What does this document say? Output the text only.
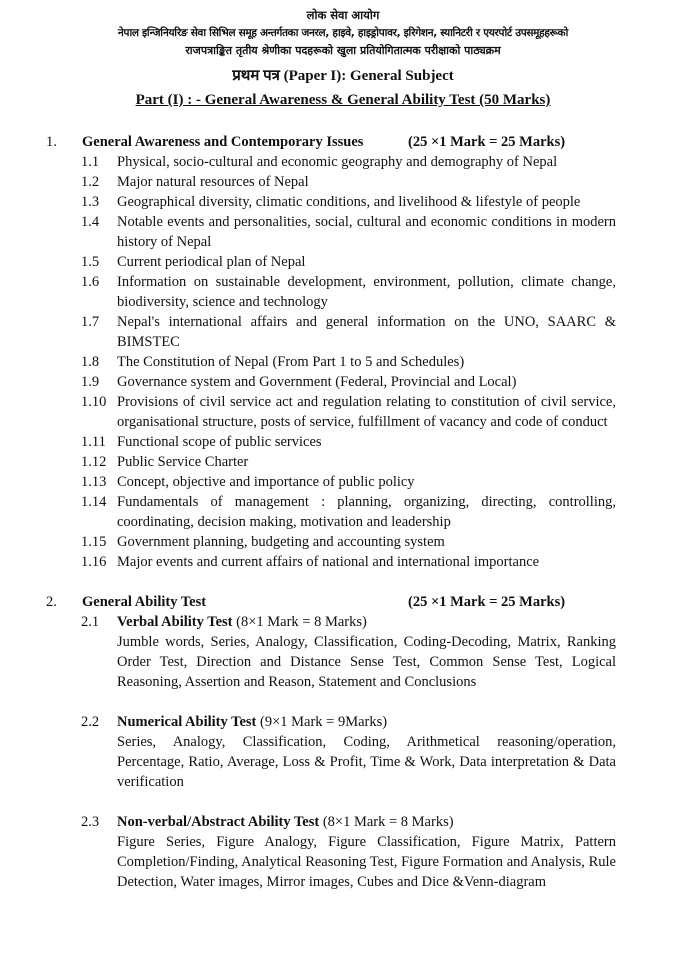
लोक सेवा आयोग
नेपाल इन्जिनियरिङ सेवा सिभिल समूह अन्तर्गतका जनरल, हाइवे, हाइड्रोपावर, इरिगेशन, स्यानिटरी र एयरपोर्ट उपसमूहहरूको
राजपत्राङ्कित तृतीय श्रेणीका पदहरूको खुला प्रतियोगितात्मक परीक्षाको पाठ्यक्रम
प्रथम पत्र (Paper I): General Subject
Part (I) : - General Awareness & General Ability Test (50 Marks)
1. General Awareness and Contemporary Issues	(25 ×1 Mark = 25 Marks)
1.1 Physical, socio-cultural and economic geography and demography of Nepal
1.2 Major natural resources of Nepal
1.3 Geographical diversity, climatic conditions, and livelihood & lifestyle of people
1.4 Notable events and personalities, social, cultural and economic conditions in modern history of Nepal
1.5 Current periodical plan of Nepal
1.6 Information on sustainable development, environment, pollution, climate change, biodiversity, science and technology
1.7 Nepal's international affairs and general information on the UNO, SAARC & BIMSTEC
1.8 The Constitution of Nepal (From Part 1 to 5 and Schedules)
1.9 Governance system and Government (Federal, Provincial and Local)
1.10 Provisions of civil service act and regulation relating to constitution of civil service, organisational structure, posts of service, fulfillment of vacancy and code of conduct
1.11 Functional scope of public services
1.12 Public Service Charter
1.13 Concept, objective and importance of public policy
1.14 Fundamentals of management : planning, organizing, directing, controlling, coordinating, decision making, motivation and leadership
1.15 Government planning, budgeting and accounting system
1.16 Major events and current affairs of national and international importance
2. General Ability Test	(25 ×1 Mark = 25 Marks)
2.1 Verbal Ability Test (8×1 Mark = 8 Marks)
Jumble words, Series, Analogy, Classification, Coding-Decoding, Matrix, Ranking Order Test, Direction and Distance Sense Test, Common Sense Test, Logical Reasoning, Assertion and Reason, Statement and Conclusions
2.2 Numerical Ability Test (9×1 Mark = 9Marks)
Series, Analogy, Classification, Coding, Arithmetical reasoning/operation, Percentage, Ratio, Average, Loss & Profit, Time & Work, Data interpretation & Data verification
2.3 Non-verbal/Abstract Ability Test (8×1 Mark = 8 Marks)
Figure Series, Figure Analogy, Figure Classification, Figure Matrix, Pattern Completion/Finding, Analytical Reasoning Test, Figure Formation and Analysis, Rule Detection, Water images, Mirror images, Cubes and Dice &Venn-diagram
